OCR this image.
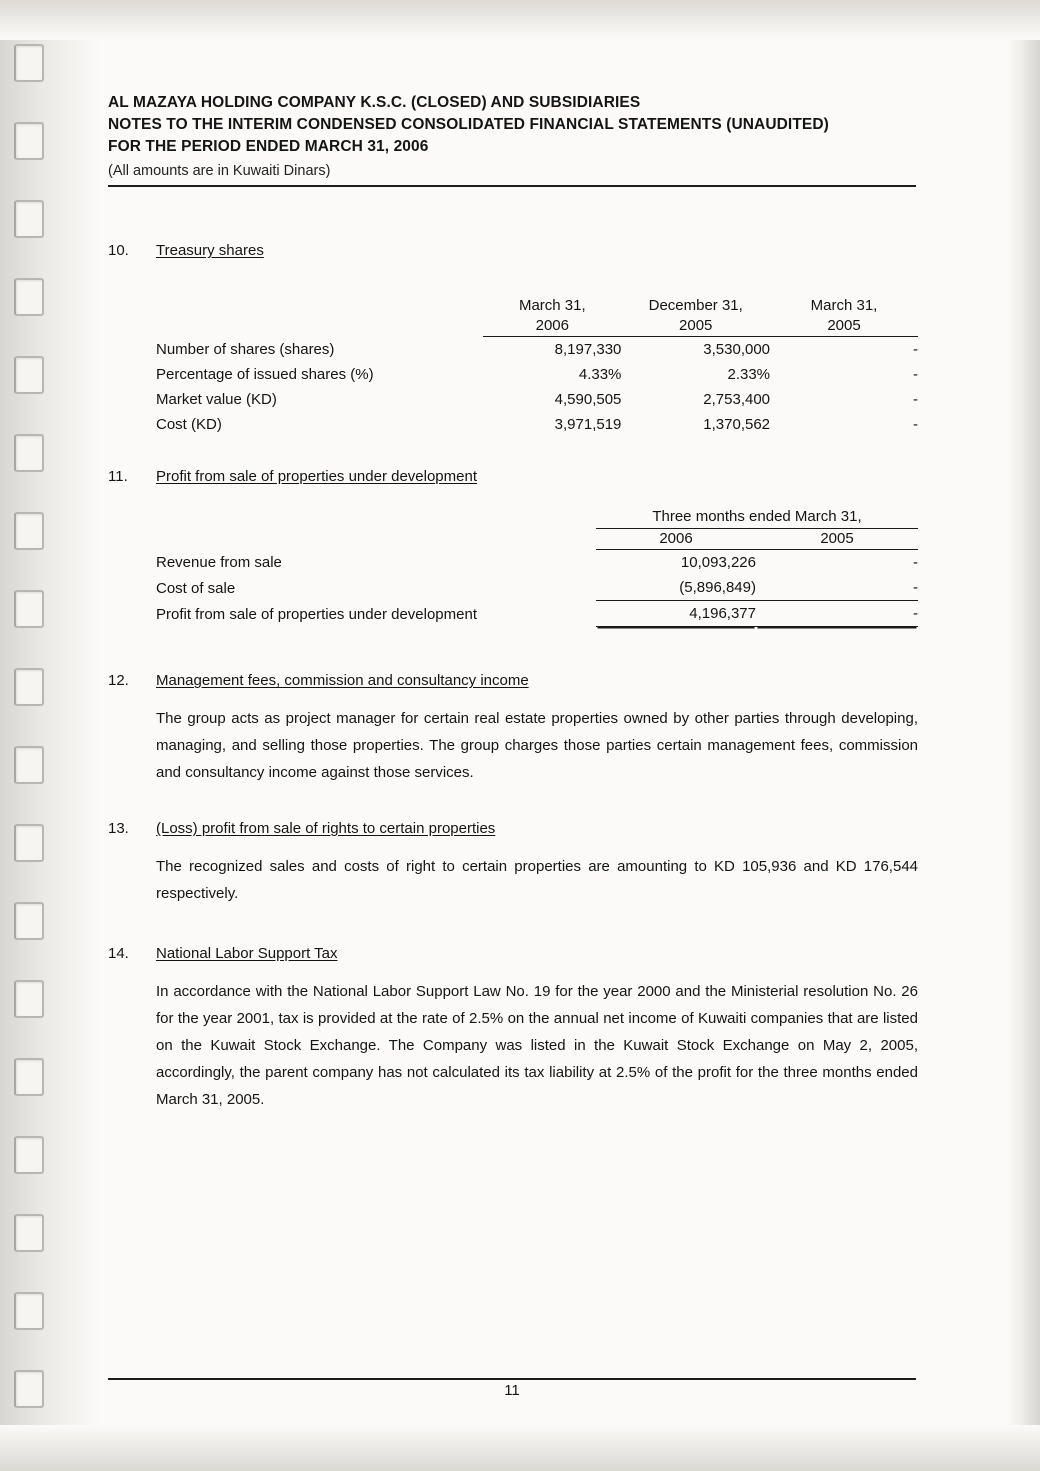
AL MAZAYA HOLDING COMPANY K.S.C. (CLOSED) AND SUBSIDIARIES
NOTES TO THE INTERIM CONDENSED CONSOLIDATED FINANCIAL STATEMENTS (UNAUDITED)
FOR THE PERIOD ENDED MARCH 31, 2006
(All amounts are in Kuwaiti Dinars)
10.	Treasury shares
	March 31,	December 31,	March 31,
	2006	2005	2005
Number of shares (shares)	8,197,330	3,530,000	-
Percentage of issued shares (%)	4.33%	2.33%	-
Market value (KD)	4,590,505	2,753,400	-
Cost (KD)	3,971,519	1,370,562	-
11.	Profit from sale of properties under development
	Three months ended March 31,	
	2006	2005
Revenue from sale	10,093,226	-
Cost of sale	(5,896,849)	-
Profit from sale of properties under development	4,196,377	-
12.	Management fees, commission and consultancy income
The group acts as project manager for certain real estate properties owned by other parties through developing, managing, and selling those properties. The group charges those parties certain management fees, commission and consultancy income against those services.
13.	(Loss) profit from sale of rights to certain properties
The recognized sales and costs of right to certain properties are amounting to KD 105,936 and KD 176,544 respectively.
14.	National Labor Support Tax
In accordance with the National Labor Support Law No. 19 for the year 2000 and the Ministerial resolution No. 26 for the year 2001, tax is provided at the rate of 2.5% on the annual net income of Kuwaiti companies that are listed on the Kuwait Stock Exchange. The Company was listed in the Kuwait Stock Exchange on May 2, 2005, accordingly, the parent company has not calculated its tax liability at 2.5% of the profit for the three months ended March 31, 2005.
11
